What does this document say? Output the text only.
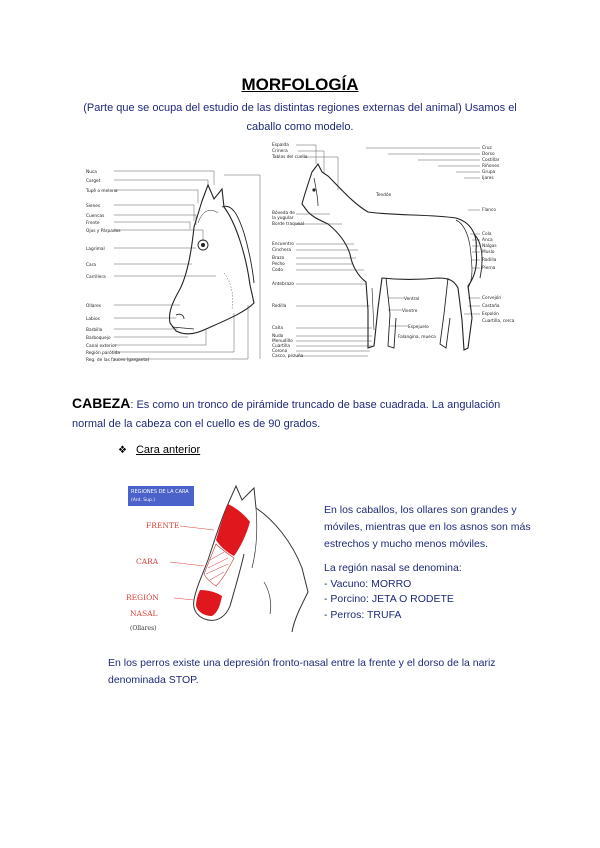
MORFOLOGÍA
(Parte que se ocupa del estudio de las distintas regiones externas del animal) Usamos el caballo como modelo.
Nuca
Carget
Tupê o melena
Sienes
Cuencas
Frente
Ojos y Párpados
Lagrimal
Cara
Carrillera
Ollares
Labios
Barbilla
Barboquejo
Canal exterior
Región parótida
Reg. de las fauces (garganta)
Espalda
Crinera
Tablas del cuello
Bóveda de
la yugular
Borde traqueal
Encuentro
Cinchera
Brazo
Pecho
Codo
Antebrazo
Rodilla
Caña
Nudo
Menudillo
Cuartilla
Corona
Casco, pezuña
Cruz
Dorso
Costillar
Riñones
Grupa
Ijares
Flanco
Cola
Anca
Nalgas
Muslo
Rodilla
Pierna
Corvejón
Castaña
Espolón
Cuartilla, cerca
Ventral
Vientre
Espejuelo
Tendón
Falangina, mueca
CABEZA: Es como un tronco de pirámide truncado de base cuadrada. La angulación normal de la cabeza con el cuello es de 90 grados.
❖ Cara anterior
REGIONES DE LA CARA
(Ant. Sup.)
FRENTE
CARA
REGIÓN
NASAL
(Ollares)
En los caballos, los ollares son grandes y móviles, mientras que en los asnos son más estrechos y mucho menos móviles.
La región nasal se denomina:
- Vacuno: MORRO
- Porcino: JETA O RODETE
- Perros: TRUFA
En los perros existe una depresión fronto-nasal entre la frente y el dorso de la nariz denominada STOP.
